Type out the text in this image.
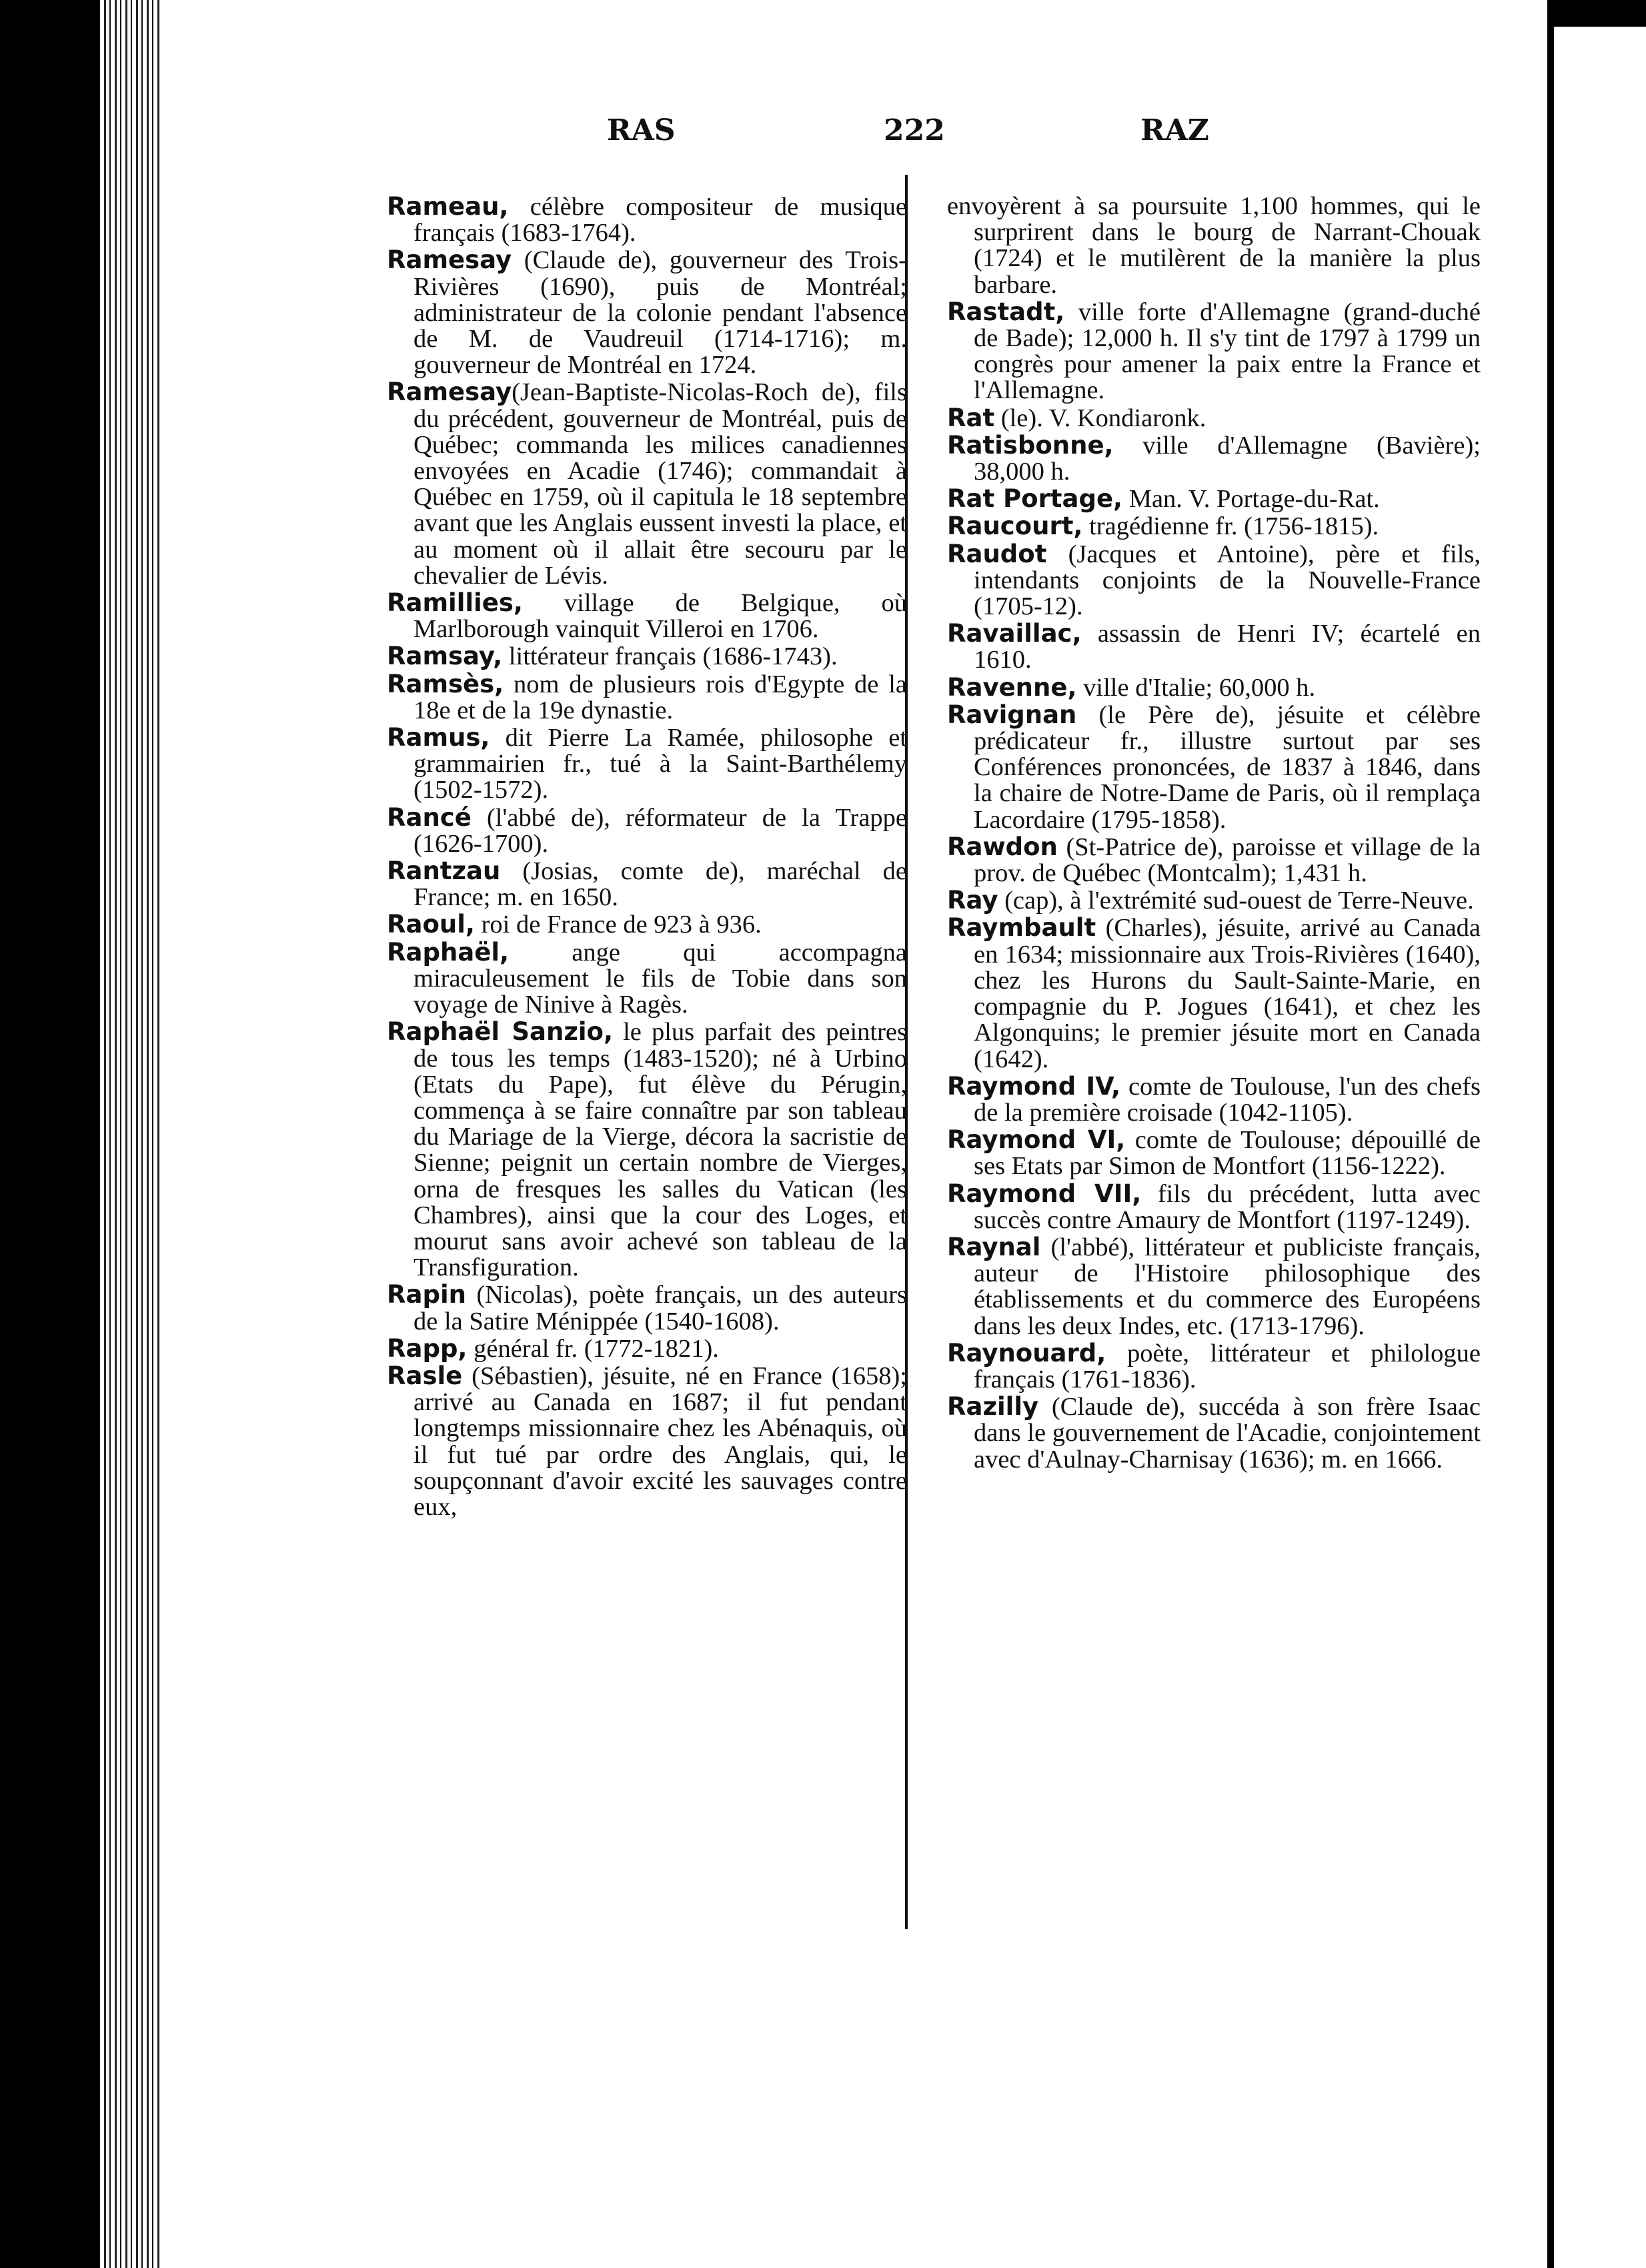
RAS	222	RAZ
Rameau, célèbre compositeur de musique français (1683-1764).
Ramesay (Claude de), gouverneur des Trois-Rivières (1690), puis de Montréal; administrateur de la colonie pendant l'absence de M. de Vaudreuil (1714-1716); m. gouverneur de Montréal en 1724.
Ramesay(Jean-Baptiste-Nicolas-Roch de), fils du précédent, gouverneur de Montréal, puis de Québec; commanda les milices canadiennes envoyées en Acadie (1746); commandait à Québec en 1759, où il capitula le 18 septembre avant que les Anglais eussent investi la place, et au moment où il allait être secouru par le chevalier de Lévis.
Ramillies, village de Belgique, où Marlborough vainquit Villeroi en 1706.
Ramsay, littérateur français (1686-1743).
Ramsès, nom de plusieurs rois d'Egypte de la 18e et de la 19e dynastie.
Ramus, dit Pierre La Ramée, philosophe et grammairien fr., tué à la Saint-Barthélemy (1502-1572).
Rancé (l'abbé de), réformateur de la Trappe (1626-1700).
Rantzau (Josias, comte de), maréchal de France; m. en 1650.
Raoul, roi de France de 923 à 936.
Raphaël, ange qui accompagna miraculeusement le fils de Tobie dans son voyage de Ninive à Ragès.
Raphaël Sanzio, le plus parfait des peintres de tous les temps (1483-1520); né à Urbino (Etats du Pape), fut élève du Pérugin, commença à se faire connaître par son tableau du Mariage de la Vierge, décora la sacristie de Sienne; peignit un certain nombre de Vierges, orna de fresques les salles du Vatican (les Chambres), ainsi que la cour des Loges, et mourut sans avoir achevé son tableau de la Transfiguration.
Rapin (Nicolas), poète français, un des auteurs de la Satire Ménippée (1540-1608).
Rapp, général fr. (1772-1821).
Rasle (Sébastien), jésuite, né en France (1658); arrivé au Canada en 1687; il fut pendant longtemps missionnaire chez les Abénaquis, où il fut tué par ordre des Anglais, qui, le soupçonnant d'avoir excité les sauvages contre eux,
envoyèrent à sa poursuite 1,100 hommes, qui le surprirent dans le bourg de Narrant-Chouak (1724) et le mutilèrent de la manière la plus barbare.
Rastadt, ville forte d'Allemagne (grand-duché de Bade); 12,000 h. Il s'y tint de 1797 à 1799 un congrès pour amener la paix entre la France et l'Allemagne.
Rat (le). V. Kondiaronk.
Ratisbonne, ville d'Allemagne (Bavière); 38,000 h.
Rat Portage, Man. V. Portage-du-Rat.
Raucourt, tragédienne fr. (1756-1815).
Raudot (Jacques et Antoine), père et fils, intendants conjoints de la Nouvelle-France (1705-12).
Ravaillac, assassin de Henri IV; écartelé en 1610.
Ravenne, ville d'Italie; 60,000 h.
Ravignan (le Père de), jésuite et célèbre prédicateur fr., illustre surtout par ses Conférences prononcées, de 1837 à 1846, dans la chaire de Notre-Dame de Paris, où il remplaça Lacordaire (1795-1858).
Rawdon (St-Patrice de), paroisse et village de la prov. de Québec (Montcalm); 1,431 h.
Ray (cap), à l'extrémité sud-ouest de Terre-Neuve.
Raymbault (Charles), jésuite, arrivé au Canada en 1634; missionnaire aux Trois-Rivières (1640), chez les Hurons du Sault-Sainte-Marie, en compagnie du P. Jogues (1641), et chez les Algonquins; le premier jésuite mort en Canada (1642).
Raymond IV, comte de Toulouse, l'un des chefs de la première croisade (1042-1105).
Raymond VI, comte de Toulouse; dépouillé de ses Etats par Simon de Montfort (1156-1222).
Raymond VII, fils du précédent, lutta avec succès contre Amaury de Montfort (1197-1249).
Raynal (l'abbé), littérateur et publiciste français, auteur de l'Histoire philosophique des établissements et du commerce des Européens dans les deux Indes, etc. (1713-1796).
Raynouard, poète, littérateur et philologue français (1761-1836).
Razilly (Claude de), succéda à son frère Isaac dans le gouvernement de l'Acadie, conjointement avec d'Aulnay-Charnisay (1636); m. en 1666.
